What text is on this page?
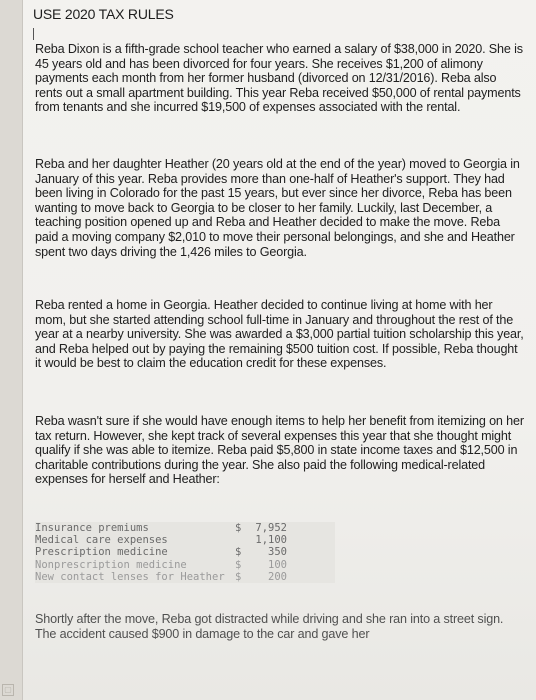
USE 2020 TAX RULES
Reba Dixon is a fifth-grade school teacher who earned a salary of $38,000 in 2020. She is 45 years old and has been divorced for four years. She receives $1,200 of alimony payments each month from her former husband (divorced on 12/31/2016). Reba also rents out a small apartment building. This year Reba received $50,000 of rental payments from tenants and she incurred $19,500 of expenses associated with the rental.
Reba and her daughter Heather (20 years old at the end of the year) moved to Georgia in January of this year. Reba provides more than one-half of Heather's support. They had been living in Colorado for the past 15 years, but ever since her divorce, Reba has been wanting to move back to Georgia to be closer to her family. Luckily, last December, a teaching position opened up and Reba and Heather decided to make the move. Reba paid a moving company $2,010 to move their personal belongings, and she and Heather spent two days driving the 1,426 miles to Georgia.
Reba rented a home in Georgia. Heather decided to continue living at home with her mom, but she started attending school full-time in January and throughout the rest of the year at a nearby university. She was awarded a $3,000 partial tuition scholarship this year, and Reba helped out by paying the remaining $500 tuition cost. If possible, Reba thought it would be best to claim the education credit for these expenses.
Reba wasn't sure if she would have enough items to help her benefit from itemizing on her tax return. However, she kept track of several expenses this year that she thought might qualify if she was able to itemize. Reba paid $5,800 in state income taxes and $12,500 in charitable contributions during the year. She also paid the following medical-related expenses for herself and Heather:
Insurance premiums	$	7,952
Medical care expenses	1,100
Prescription medicine	$	350
Nonprescription medicine	$	100
New contact lenses for Heather $	200
Shortly after the move, Reba got distracted while driving and she ran into a street sign. The accident caused $900 in damage to the car and gave her
▢
